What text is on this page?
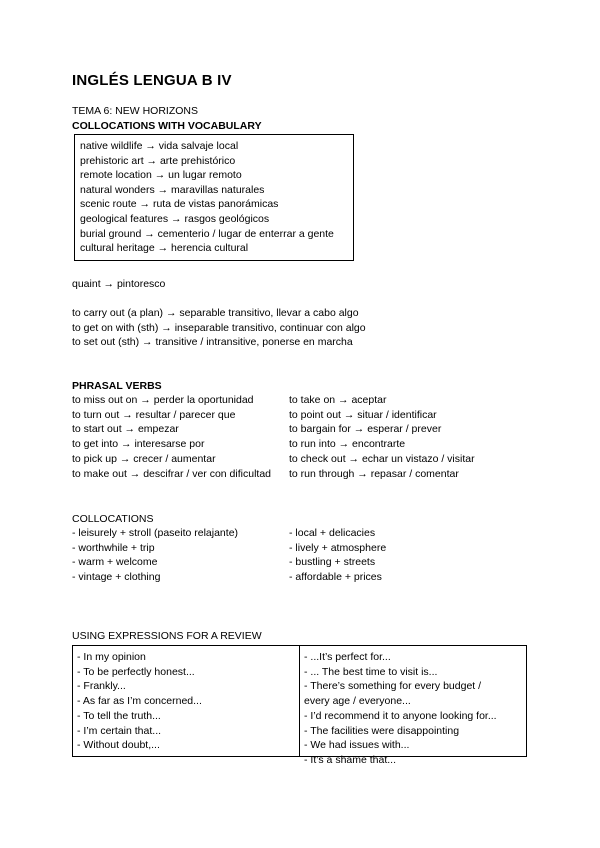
INGLÉS LENGUA B IV
TEMA 6: NEW HORIZONS
COLLOCATIONS WITH VOCABULARY
native wildlife → vida salvaje local
prehistoric art → arte prehistórico
remote location → un lugar remoto
natural wonders → maravillas naturales
scenic route → ruta de vistas panorámicas
geological features → rasgos geológicos
burial ground → cementerio / lugar de enterrar a gente
cultural heritage → herencia cultural
quaint → pintoresco
to carry out (a plan) → separable transitivo, llevar a cabo algo
to get on with (sth) → inseparable transitivo, continuar con algo
to set out (sth) → transitive / intransitive, ponerse en marcha
PHRASAL VERBS
to miss out on → perder la oportunidad
to turn out → resultar / parecer que
to start out → empezar
to get into → interesarse por
to pick up → crecer / aumentar
to make out → descifrar / ver con dificultad
to take on → aceptar
to point out → situar / identificar
to bargain for → esperar / prever
to run into → encontrarte
to check out → echar un vistazo / visitar
to run through → repasar / comentar
COLLOCATIONS
- leisurely + stroll (paseito relajante)
- worthwhile + trip
- warm + welcome
- vintage + clothing
- local + delicacies
- lively + atmosphere
- bustling + streets
- affordable + prices
USING EXPRESSIONS FOR A REVIEW
- In my opinion
- To be perfectly honest...
- Frankly...
- As far as I’m concerned...
- To tell the truth...
- I’m certain that...
- Without doubt,...
- ...It’s perfect for...
- ... The best time to visit is...
- There’s something for every budget /
every age / everyone...
- I’d recommend it to anyone looking for...
- The facilities were disappointing
- We had issues with...
- It’s a shame that...
